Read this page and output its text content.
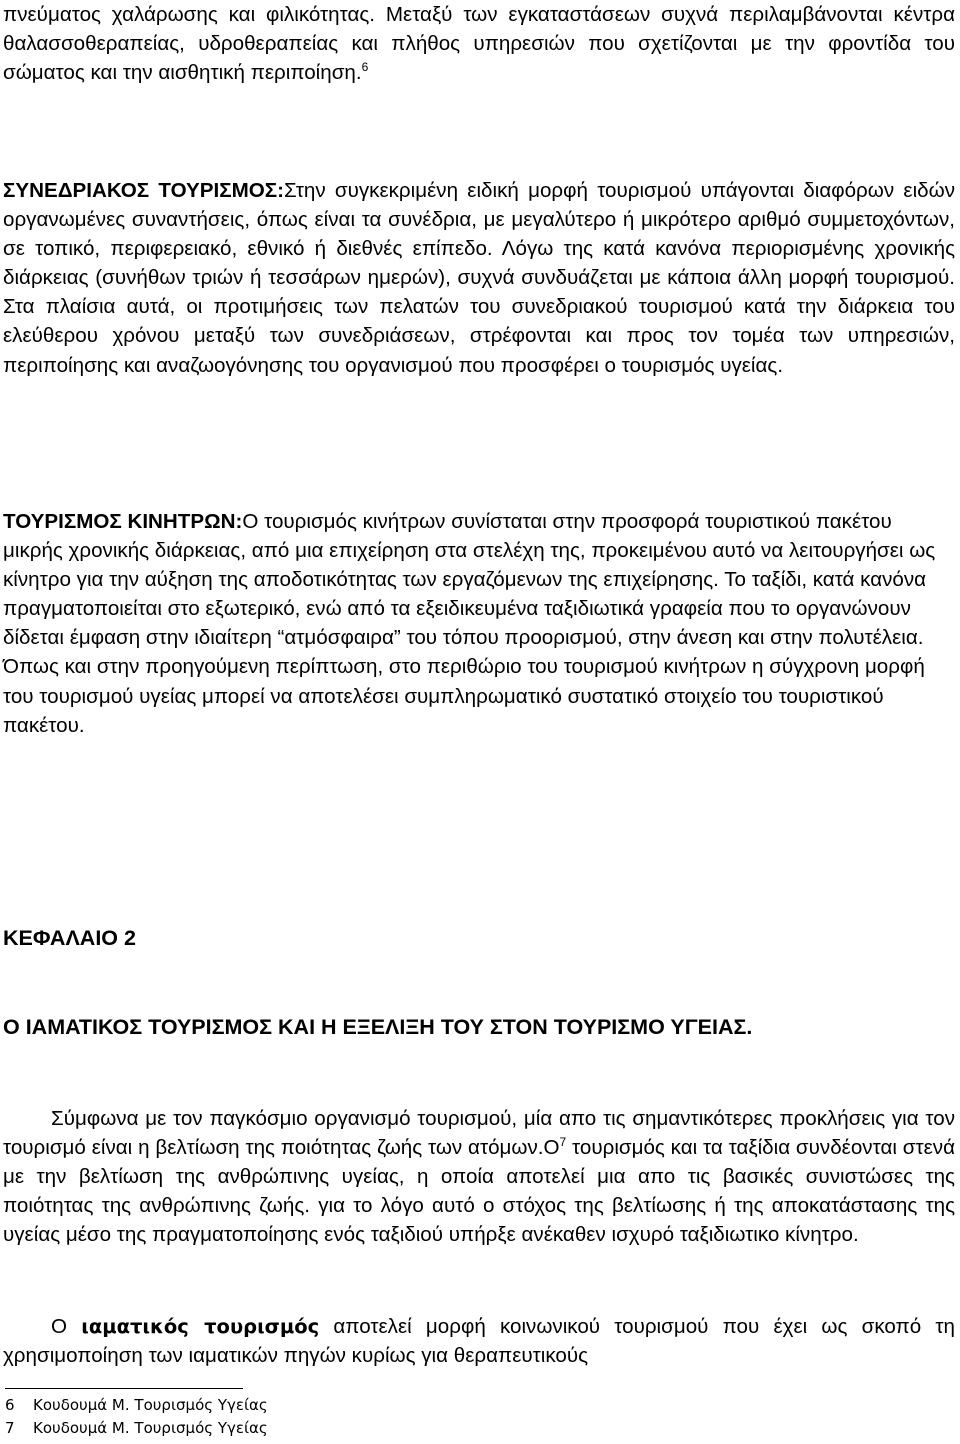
πνεύματος χαλάρωσης και φιλικότητας. Μεταξύ των εγκαταστάσεων συχνά περιλαμβάνονται κέντρα θαλασσοθεραπείας, υδροθεραπείας και πλήθος υπηρεσιών που σχετίζονται με την φροντίδα του σώματος και την αισθητική περιποίηση.$^6$

ΣΥΝΕΔΡΙΑΚΟΣ ΤΟΥΡΙΣΜΟΣ:Στην συγκεκριμένη ειδική μορφή τουρισμού υπάγονται διαφόρων ειδών οργανωμένες συναντήσεις, όπως είναι τα συνέδρια, με μεγαλύτερο ή μικρότερο αριθμό συμμετοχόντων, σε τοπικό, περιφερειακό, εθνικό ή διεθνές επίπεδο. Λόγω της κατά κανόνα περιορισμένης χρονικής διάρκειας (συνήθων τριών ή τεσσάρων ημερών), συχνά συνδυάζεται με κάποια άλλη μορφή τουρισμού. Στα πλαίσια αυτά, οι προτιμήσεις των πελατών του συνεδριακού τουρισμού κατά την διάρκεια του ελεύθερου χρόνου μεταξύ των συνεδριάσεων, στρέφονται και προς τον τομέα των υπηρεσιών, περιποίησης και αναζωογόνησης του οργανισμού που προσφέρει ο τουρισμός υγείας.

ΤΟΥΡΙΣΜΟΣ ΚΙΝΗΤΡΩΝ:Ο τουρισμός κινήτρων συνίσταται στην προσφορά τουριστικού πακέτου μικρής χρονικής διάρκειας, από μια επιχείρηση στα στελέχη της, προκειμένου αυτό να λειτουργήσει ως κίνητρο για την αύξηση της αποδοτικότητας των εργαζόμενων της επιχείρησης. Το ταξίδι, κατά κανόνα πραγματοποιείται στο εξωτερικό, ενώ από τα εξειδικευμένα ταξιδιωτικά γραφεία που το οργανώνουν δίδεται έμφαση στην ιδιαίτερη “ατμόσφαιρα” του τόπου προορισμού, στην άνεση και στην πολυτέλεια. Όπως και στην προηγούμενη περίπτωση, στο περιθώριο του τουρισμού κινήτρων η σύγχρονη μορφή του τουρισμού υγείας μπορεί να αποτελέσει συμπληρωματικό συστατικό στοιχείο του τουριστικού πακέτου.

ΚΕΦΑΛΑΙΟ 2
Ο ΙΑΜΑΤΙΚΟΣ ΤΟΥΡΙΣΜΟΣ ΚΑΙ Η ΕΞΕΛΙΞΗ ΤΟΥ ΣΤΟΝ ΤΟΥΡΙΣΜΟ ΥΓΕΙΑΣ.

Σύμφωνα με τον παγκόσμιο οργανισμό τουρισμού, μία απο τις σημαντικότερες προκλήσεις για τον τουρισμό είναι η βελτίωση της ποιότητας ζωής των $\alpha\tau ό\mu\omega\nu.O^7$ τουρισμός και τα ταξίδια συνδέονται στενά με την βελτίωση της ανθρώπινης υγείας, η οποία αποτελεί μια απο τις βασικές συνιστώσες της ποιότητας της ανθρώπινης ζωής. για το λόγο αυτό ο στόχος της βελτίωσης ή της αποκατάστασης της υγείας μέσο της πραγματοποίησης ενός ταξιδιού υπήρξε ανέκαθεν ισχυρό ταξιδιωτικο κίνητρο.

Ο ιαματικός τουρισμός αποτελεί μορφή κοινωνικού τουρισμού που έχει ως σκοπό τη χρησιμοποίηση των ιαματικών πηγών κυρίως για θεραπευτικούς

6 Κουδουμά Μ. Τουρισμός Υγείας
7 Κουδουμά Μ. Τουρισμός Υγείας
